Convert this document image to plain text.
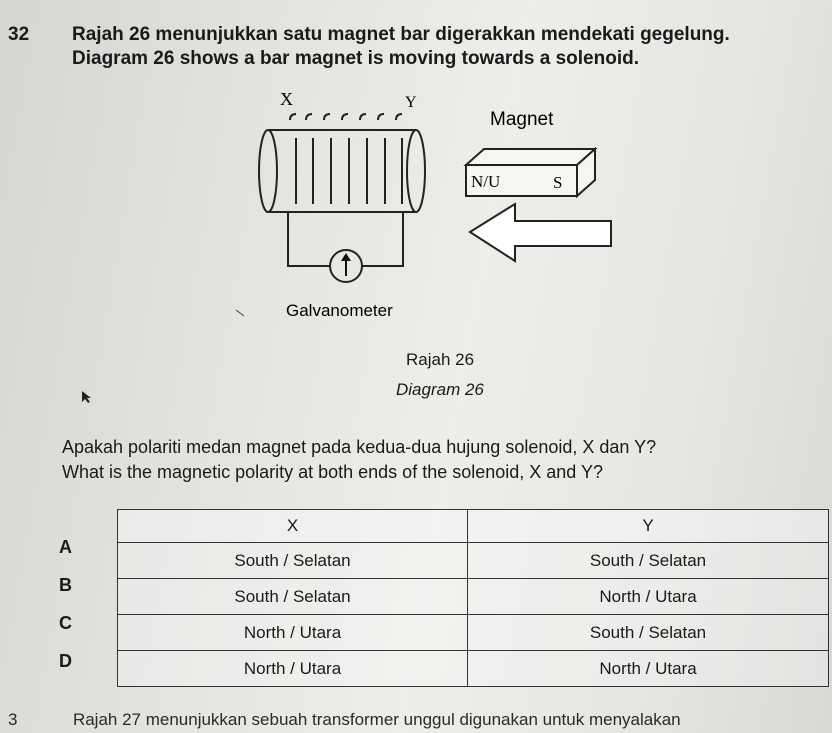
32 Rajah 26 menunjukkan satu magnet bar digerakkan mendekati gegelung.
Diagram 26 shows a bar magnet is moving towards a solenoid.
X	Y
Magnet
N/U	S
Galvanometer
Rajah 26
Diagram 26
Apakah polariti medan magnet pada kedua-dua hujung solenoid, X dan Y?
What is the magnetic polarity at both ends of the solenoid, X and Y?
A
B
C
D
X	Y
South / Selatan	South / Selatan
South / Selatan	North / Utara
North / Utara	South / Selatan
North / Utara	North / Utara
3	Rajah 27 menunjukkan sebuah transformer unggul digunakan untuk menyalakan
